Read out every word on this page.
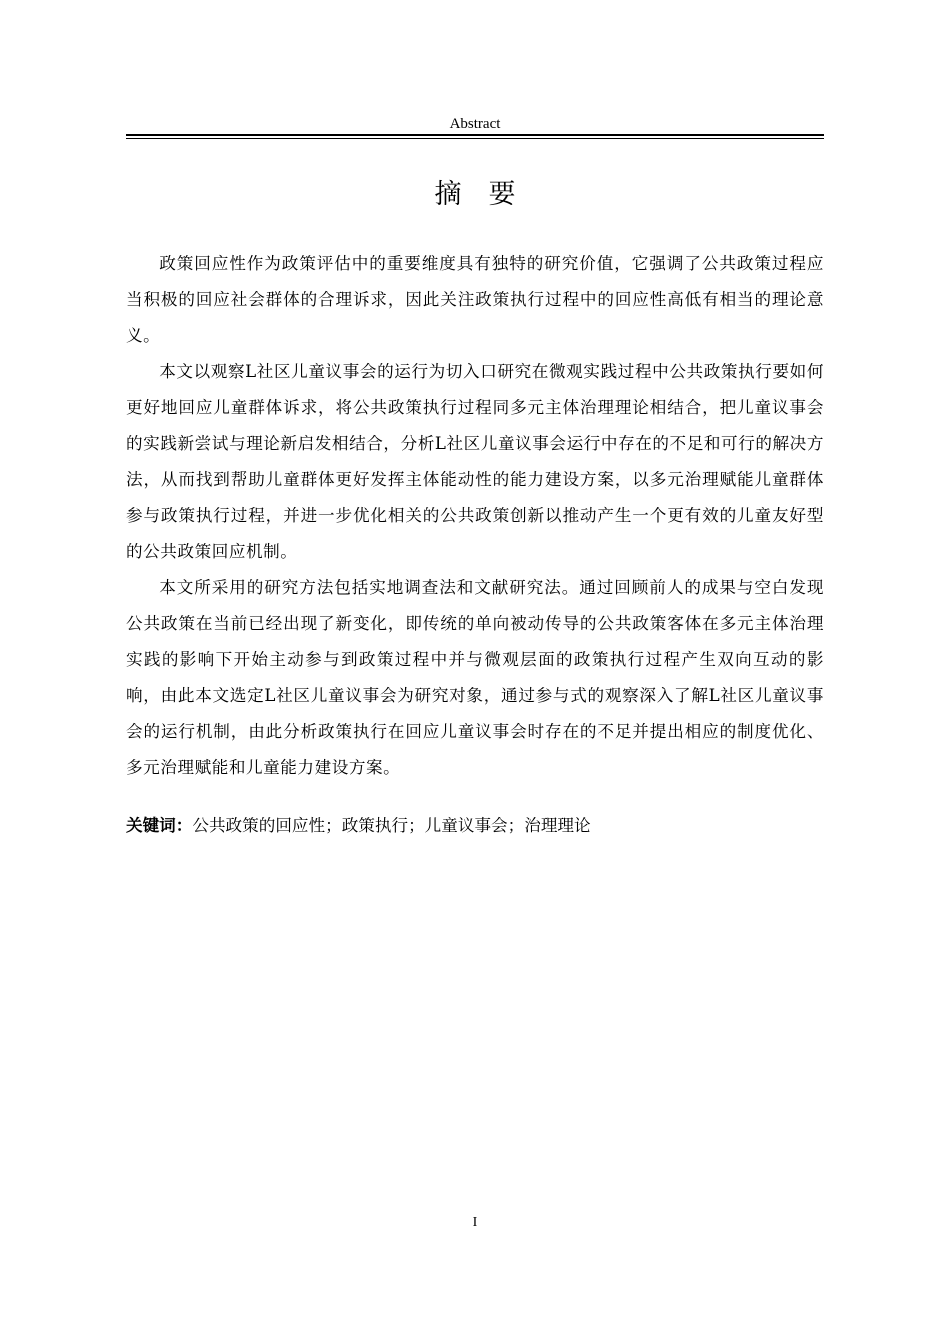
Abstract
摘　要

政策回应性作为政策评估中的重要维度具有独特的研究价值，它强调了公共政策过程应当积极的回应社会群体的合理诉求，因此关注政策执行过程中的回应性高低有相当的理论意义。

本文以观察L社区儿童议事会的运行为切入口研究在微观实践过程中公共政策执行要如何更好地回应儿童群体诉求，将公共政策执行过程同多元主体治理理论相结合，把儿童议事会的实践新尝试与理论新启发相结合，分析L社区儿童议事会运行中存在的不足和可行的解决方法，从而找到帮助儿童群体更好发挥主体能动性的能力建设方案，以多元治理赋能儿童群体参与政策执行过程，并进一步优化相关的公共政策创新以推动产生一个更有效的儿童友好型的公共政策回应机制。

本文所采用的研究方法包括实地调查法和文献研究法。通过回顾前人的成果与空白发现公共政策在当前已经出现了新变化，即传统的单向被动传导的公共政策客体在多元主体治理实践的影响下开始主动参与到政策过程中并与微观层面的政策执行过程产生双向互动的影响，由此本文选定L社区儿童议事会为研究对象，通过参与式的观察深入了解L社区儿童议事会的运行机制，由此分析政策执行在回应儿童议事会时存在的不足并提出相应的制度优化、多元治理赋能和儿童能力建设方案。

关键词：公共政策的回应性；政策执行；儿童议事会；治理理论
I
